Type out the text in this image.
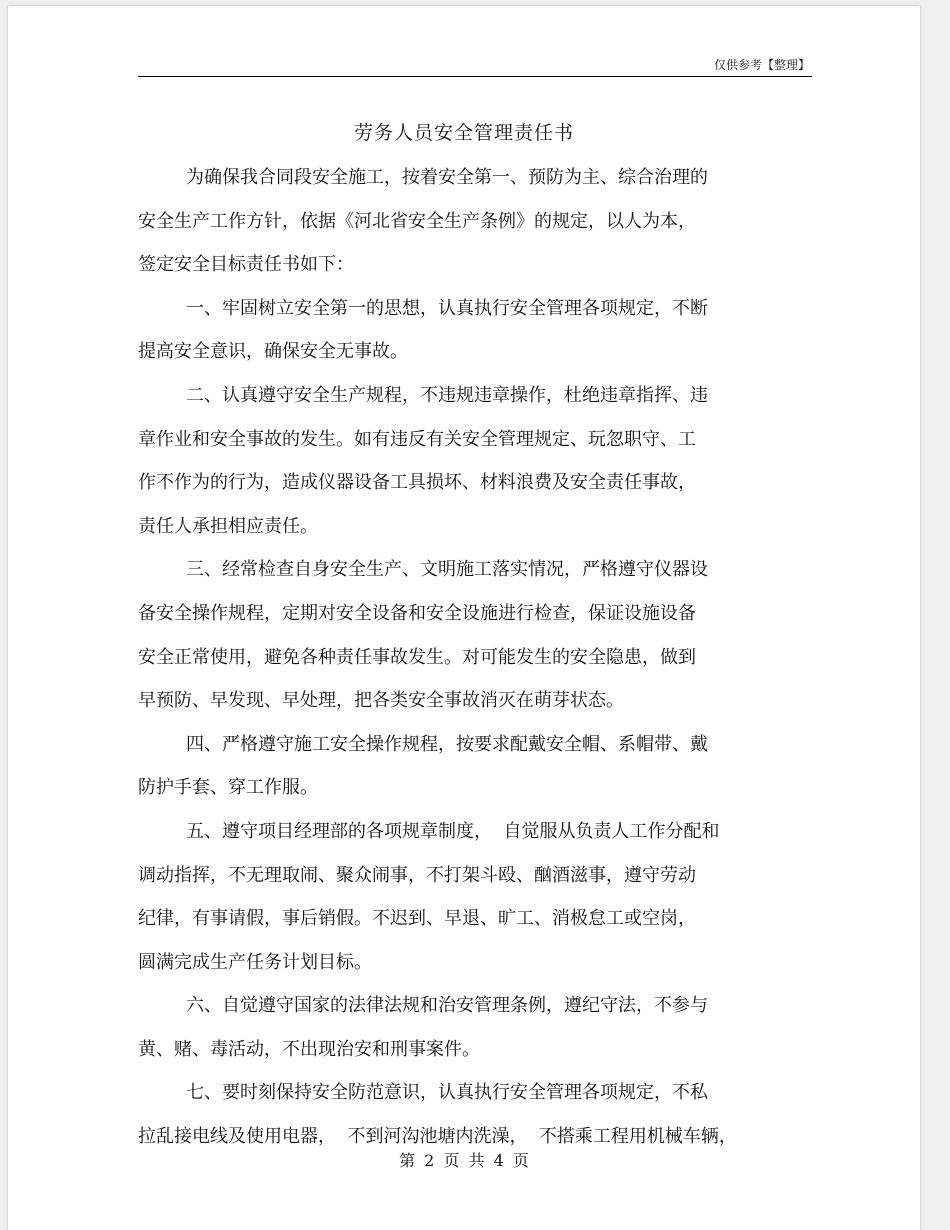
仅供参考【整理】
劳务人员安全管理责任书
为确保我合同段安全施工，按着安全第一、预防为主、综合治理的
安全生产工作方针，依据《河北省安全生产条例》的规定，以人为本，
签定安全目标责任书如下：
一、牢固树立安全第一的思想，认真执行安全管理各项规定，不断
提高安全意识，确保安全无事故。
二、认真遵守安全生产规程，不违规违章操作，杜绝违章指挥、违
章作业和安全事故的发生。如有违反有关安全管理规定、玩忽职守、工
作不作为的行为，造成仪器设备工具损坏、材料浪费及安全责任事故，
责任人承担相应责任。
三、经常检查自身安全生产、文明施工落实情况，严格遵守仪器设
备安全操作规程，定期对安全设备和安全设施进行检查，保证设施设备
安全正常使用，避免各种责任事故发生。对可能发生的安全隐患，做到
早预防、早发现、早处理，把各类安全事故消灭在萌芽状态。
四、严格遵守施工安全操作规程，按要求配戴安全帽、系帽带、戴
防护手套、穿工作服。
五、遵守项目经理部的各项规章制度，  自觉服从负责人工作分配和
调动指挥，不无理取闹、聚众闹事，不打架斗殴、酗酒滋事，遵守劳动
纪律，有事请假，事后销假。不迟到、早退、旷工、消极怠工或空岗，
圆满完成生产任务计划目标。
六、自觉遵守国家的法律法规和治安管理条例，遵纪守法，不参与
黄、赌、毒活动，不出现治安和刑事案件。
七、要时刻保持安全防范意识，认真执行安全管理各项规定，不私
拉乱接电线及使用电器，  不到河沟池塘内洗澡，  不搭乘工程用机械车辆，
第 2 页 共 4 页
